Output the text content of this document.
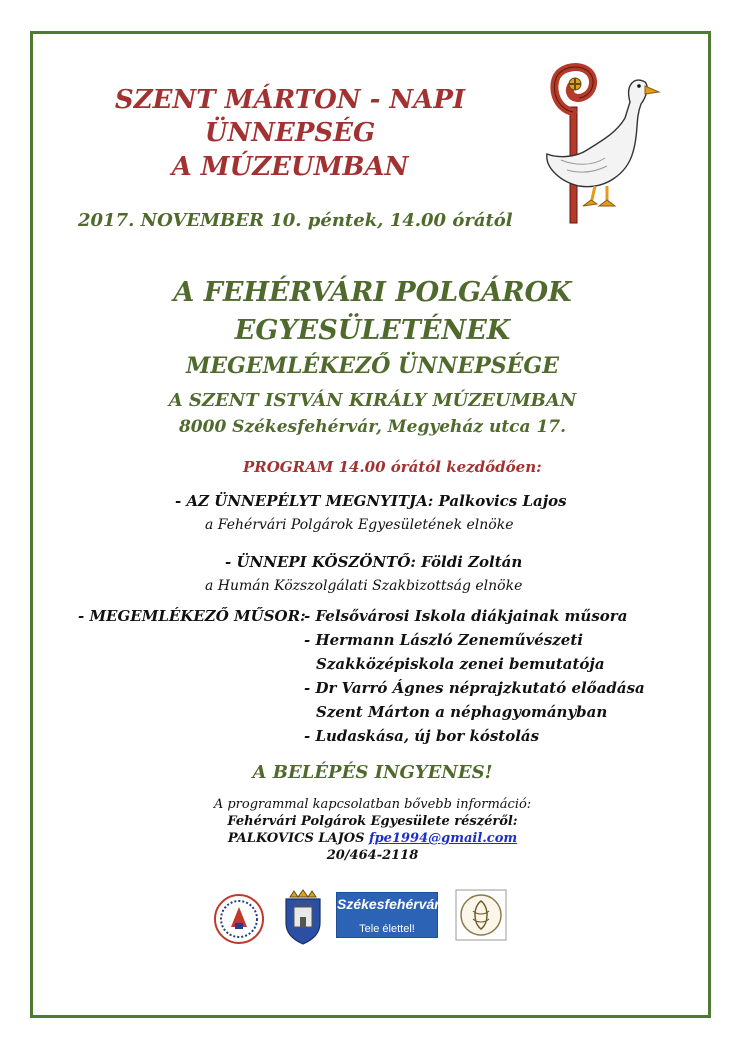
SZENT MÁRTON - NAPI
ÜNNEPSÉG
A MÚZEUMBAN
2017. NOVEMBER 10. péntek, 14.00 órától
A FEHÉRVÁRI POLGÁROK
EGYESÜLETÉNEK
MEGEMLÉKEZŐ ÜNNEPSÉGE
A SZENT ISTVÁN KIRÁLY MÚZEUMBAN
8000 Székesfehérvár, Megyeház utca 17.
PROGRAM 14.00 órától kezdődően:
- AZ ÜNNEPÉLYT MEGNYITJA: Palkovics Lajos
a Fehérvári Polgárok Egyesületének elnöke
- ÜNNEPI KÖSZÖNTŐ: Földi Zoltán
a Humán Közszolgálati Szakbizottság elnöke
- MEGEMLÉKEZŐ MŰSOR:
- Felsővárosi Iskola diákjainak műsora
- Hermann László Zeneművészeti
Szakközépiskola zenei bemutatója
- Dr Varró Ágnes néprajzkutató előadása
Szent Márton a néphagyományban
- Ludaskása, új bor kóstolás
A BELÉPÉS INGYENES!
A programmal kapcsolatban bővebb információ:
Fehérvári Polgárok Egyesülete részéről:
PALKOVICS LAJOS fpe1994@gmail.com
20/464-2118
Székesfehérvár
Tele élettel!
